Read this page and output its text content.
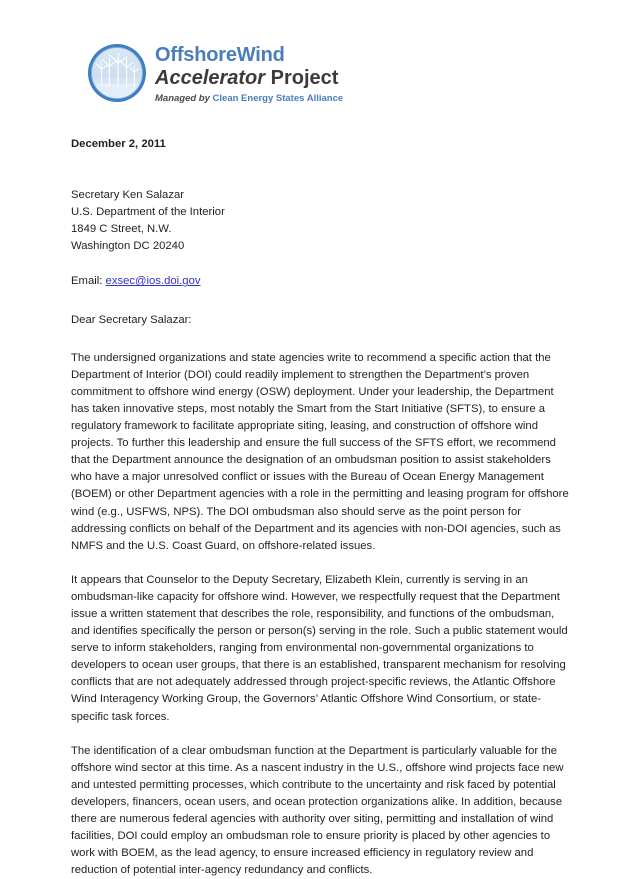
OffshoreWind
Accelerator Project
Managed by Clean Energy States Alliance

December 2, 2011

Secretary Ken Salazar

U.S. Department of the Interior

1849 C Street, N.W.

Washington DC 20240

Email: exsec@ios.doi.gov

Dear Secretary Salazar:

The undersigned organizations and state agencies write to recommend a specific action that the Department of Interior (DOI) could readily implement to strengthen the Department’s proven commitment to offshore wind energy (OSW) deployment. Under your leadership, the Department has taken innovative steps, most notably the Smart from the Start Initiative (SFTS), to ensure a regulatory framework to facilitate appropriate siting, leasing, and construction of offshore wind projects. To further this leadership and ensure the full success of the SFTS effort, we recommend that the Department announce the designation of an ombudsman position to assist stakeholders who have a major unresolved conflict or issues with the Bureau of Ocean Energy Management (BOEM) or other Department agencies with a role in the permitting and leasing program for offshore wind (e.g., USFWS, NPS). The DOI ombudsman also should serve as the point person for addressing conflicts on behalf of the Department and its agencies with non-DOI agencies, such as NMFS and the U.S. Coast Guard, on offshore-related issues.

It appears that Counselor to the Deputy Secretary, Elizabeth Klein, currently is serving in an ombudsman-like capacity for offshore wind. However, we respectfully request that the Department issue a written statement that describes the role, responsibility, and functions of the ombudsman, and identifies specifically the person or person(s) serving in the role. Such a public statement would serve to inform stakeholders, ranging from environmental non-governmental organizations to developers to ocean user groups, that there is an established, transparent mechanism for resolving conflicts that are not adequately addressed through project-specific reviews, the Atlantic Offshore Wind Interagency Working Group, the Governors’ Atlantic Offshore Wind Consortium, or state-specific task forces.

The identification of a clear ombudsman function at the Department is particularly valuable for the offshore wind sector at this time. As a nascent industry in the U.S., offshore wind projects face new and untested permitting processes, which contribute to the uncertainty and risk faced by potential developers, financers, ocean users, and ocean protection organizations alike. In addition, because there are numerous federal agencies with authority over siting, permitting and installation of wind facilities, DOI could employ an ombudsman role to ensure priority is placed by other agencies to work with BOEM, as the lead agency, to ensure increased efficiency in regulatory review and reduction of potential inter-agency redundancy and conflicts.
